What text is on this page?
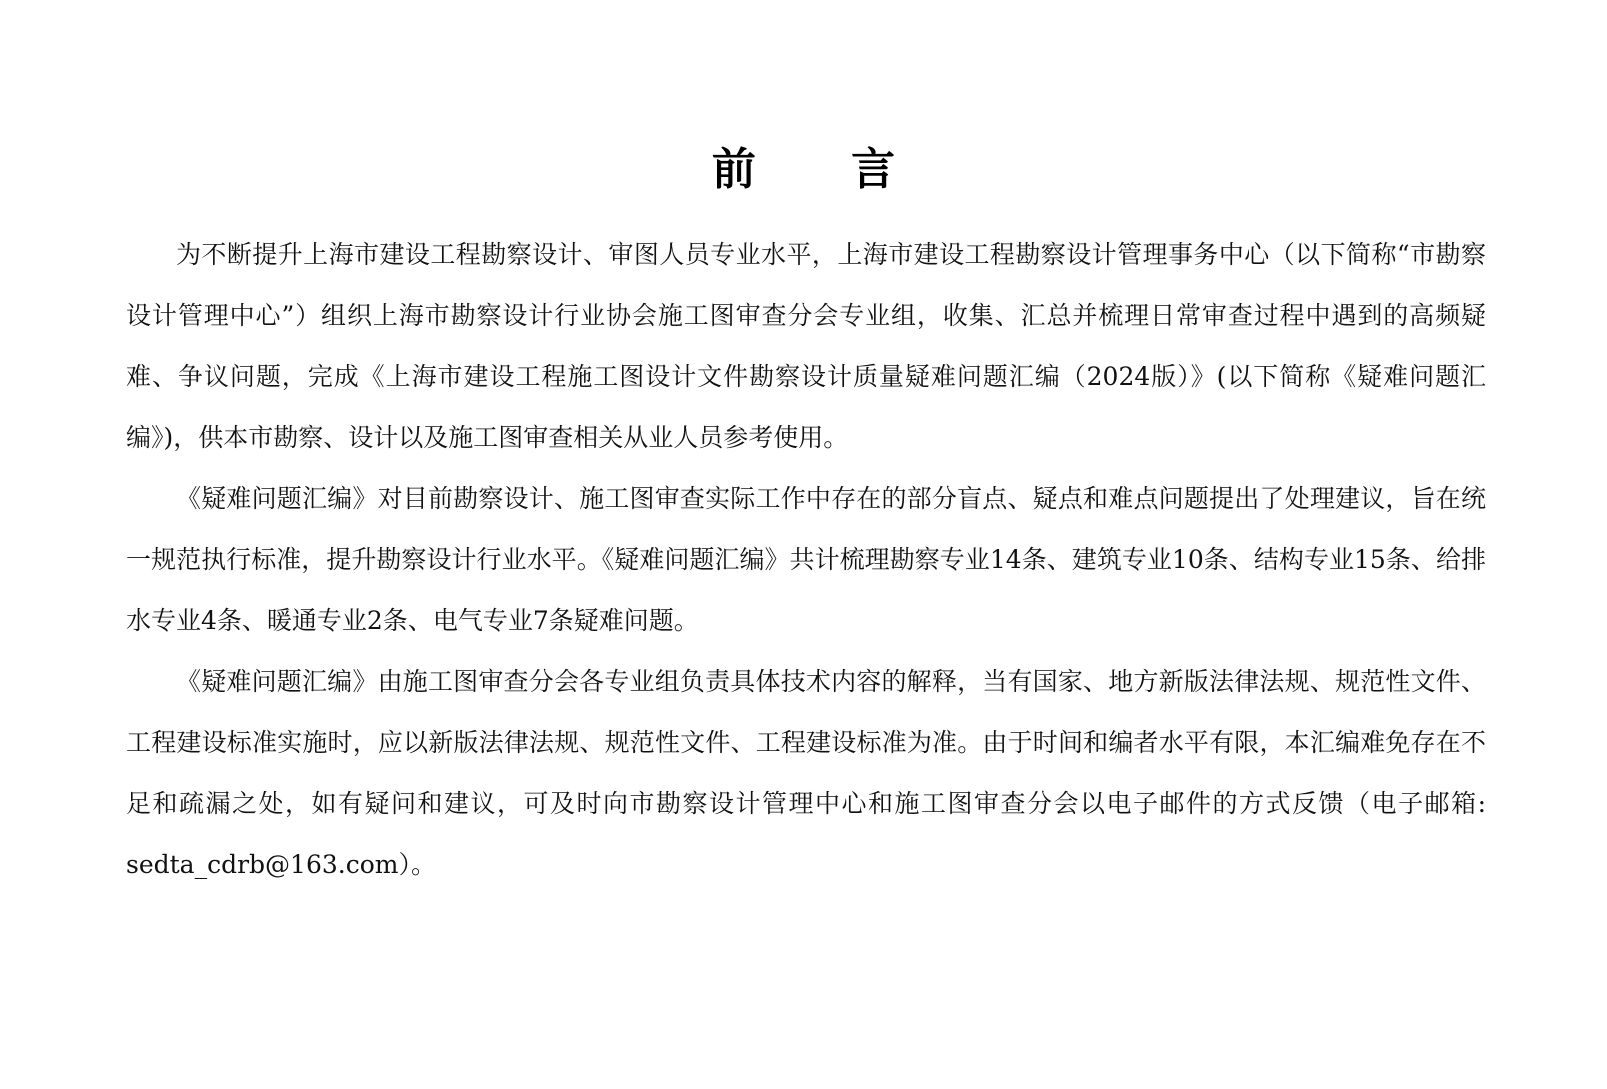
前 言

为不断提升上海市建设工程勘察设计、审图人员专业水平，上海市建设工程勘察设计管理事务中心（以下简称“市勘察设计管理中心”）组织上海市勘察设计行业协会施工图审查分会专业组，收集、汇总并梳理日常审查过程中遇到的高频疑难、争议问题，完成《上海市建设工程施工图设计文件勘察设计质量疑难问题汇编（2024版）》(以下简称《疑难问题汇编》)，供本市勘察、设计以及施工图审查相关从业人员参考使用。

《疑难问题汇编》对目前勘察设计、施工图审查实际工作中存在的部分盲点、疑点和难点问题提出了处理建议，旨在统一规范执行标准，提升勘察设计行业水平。《疑难问题汇编》共计梳理勘察专业14条、建筑专业10条、结构专业15条、给排水专业4条、暖通专业2条、电气专业7条疑难问题。

《疑难问题汇编》由施工图审查分会各专业组负责具体技术内容的解释，当有国家、地方新版法律法规、规范性文件、工程建设标准实施时，应以新版法律法规、规范性文件、工程建设标准为准。由于时间和编者水平有限，本汇编难免存在不足和疏漏之处，如有疑问和建议，可及时向市勘察设计管理中心和施工图审查分会以电子邮件的方式反馈（电子邮箱: sedta_cdrb@163.com）。
